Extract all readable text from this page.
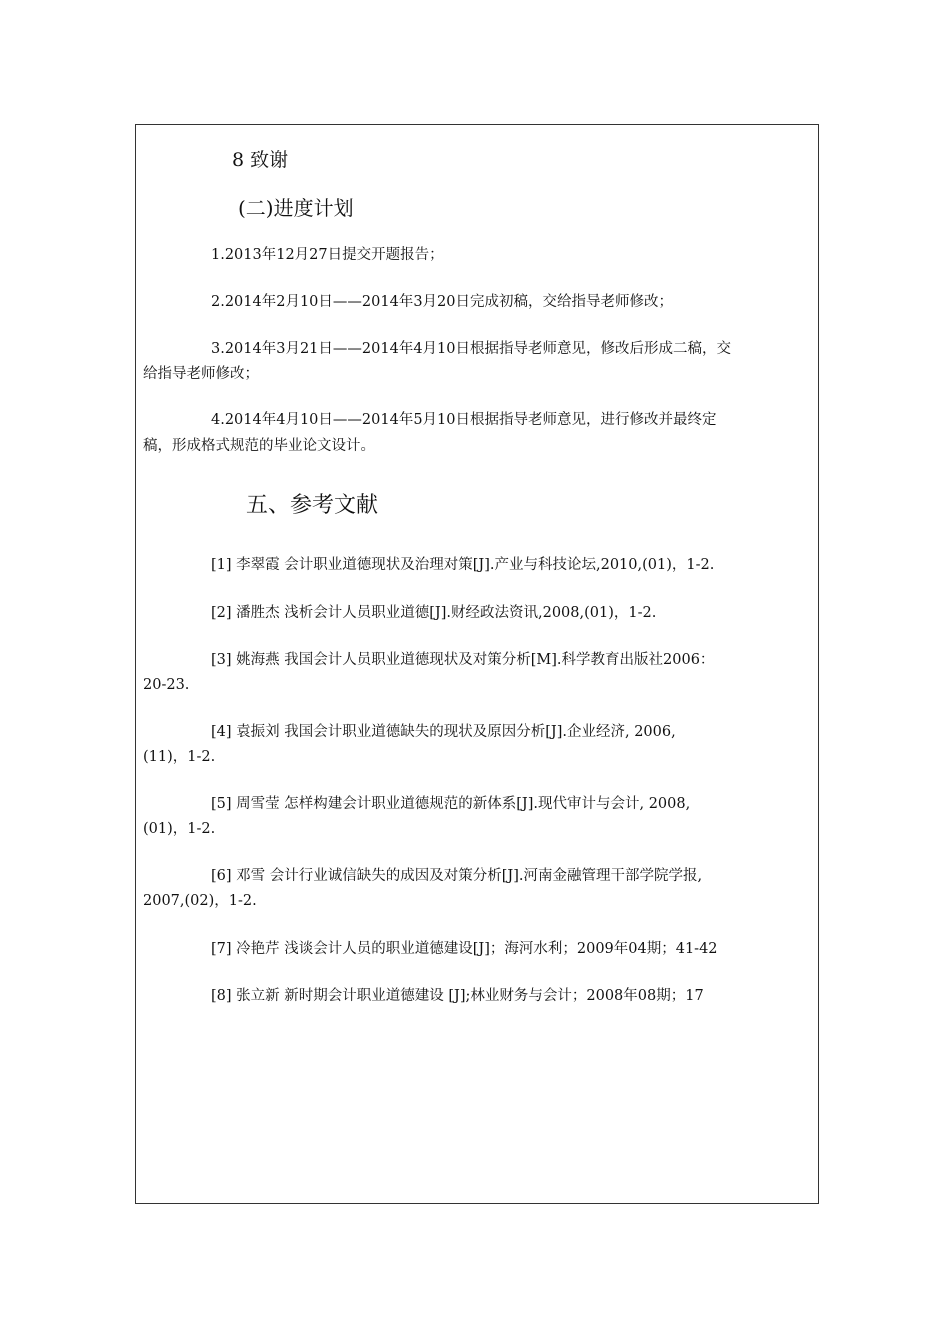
8 致谢
(二)进度计划
1.2013年12月27日提交开题报告；
2.2014年2月10日——2014年3月20日完成初稿，交给指导老师修改；
3.2014年3月21日——2014年4月10日根据指导老师意见，修改后形成二稿，交
给指导老师修改；
4.2014年4月10日——2014年5月10日根据指导老师意见，进行修改并最终定
稿，形成格式规范的毕业论文设计。
五、参考文献
[1] 李翠霞 会计职业道德现状及治理对策[J].产业与科技论坛,2010,(01)，1-2.
[2] 潘胜杰 浅析会计人员职业道德[J].财经政法资讯,2008,(01)，1-2.
[3] 姚海燕 我国会计人员职业道德现状及对策分析[M].科学教育出版社2006：
20-23.
[4] 袁振刘 我国会计职业道德缺失的现状及原因分析[J].企业经济, 2006,
(11)，1-2.
[5] 周雪莹 怎样构建会计职业道德规范的新体系[J].现代审计与会计, 2008,
(01)，1-2.
[6] 邓雪 会计行业诚信缺失的成因及对策分析[J].河南金融管理干部学院学报,
2007,(02)，1-2.
[7] 冷艳芹 浅谈会计人员的职业道德建设[J]；海河水利；2009年04期；41-42
[8] 张立新 新时期会计职业道德建设 [J];林业财务与会计；2008年08期；17
